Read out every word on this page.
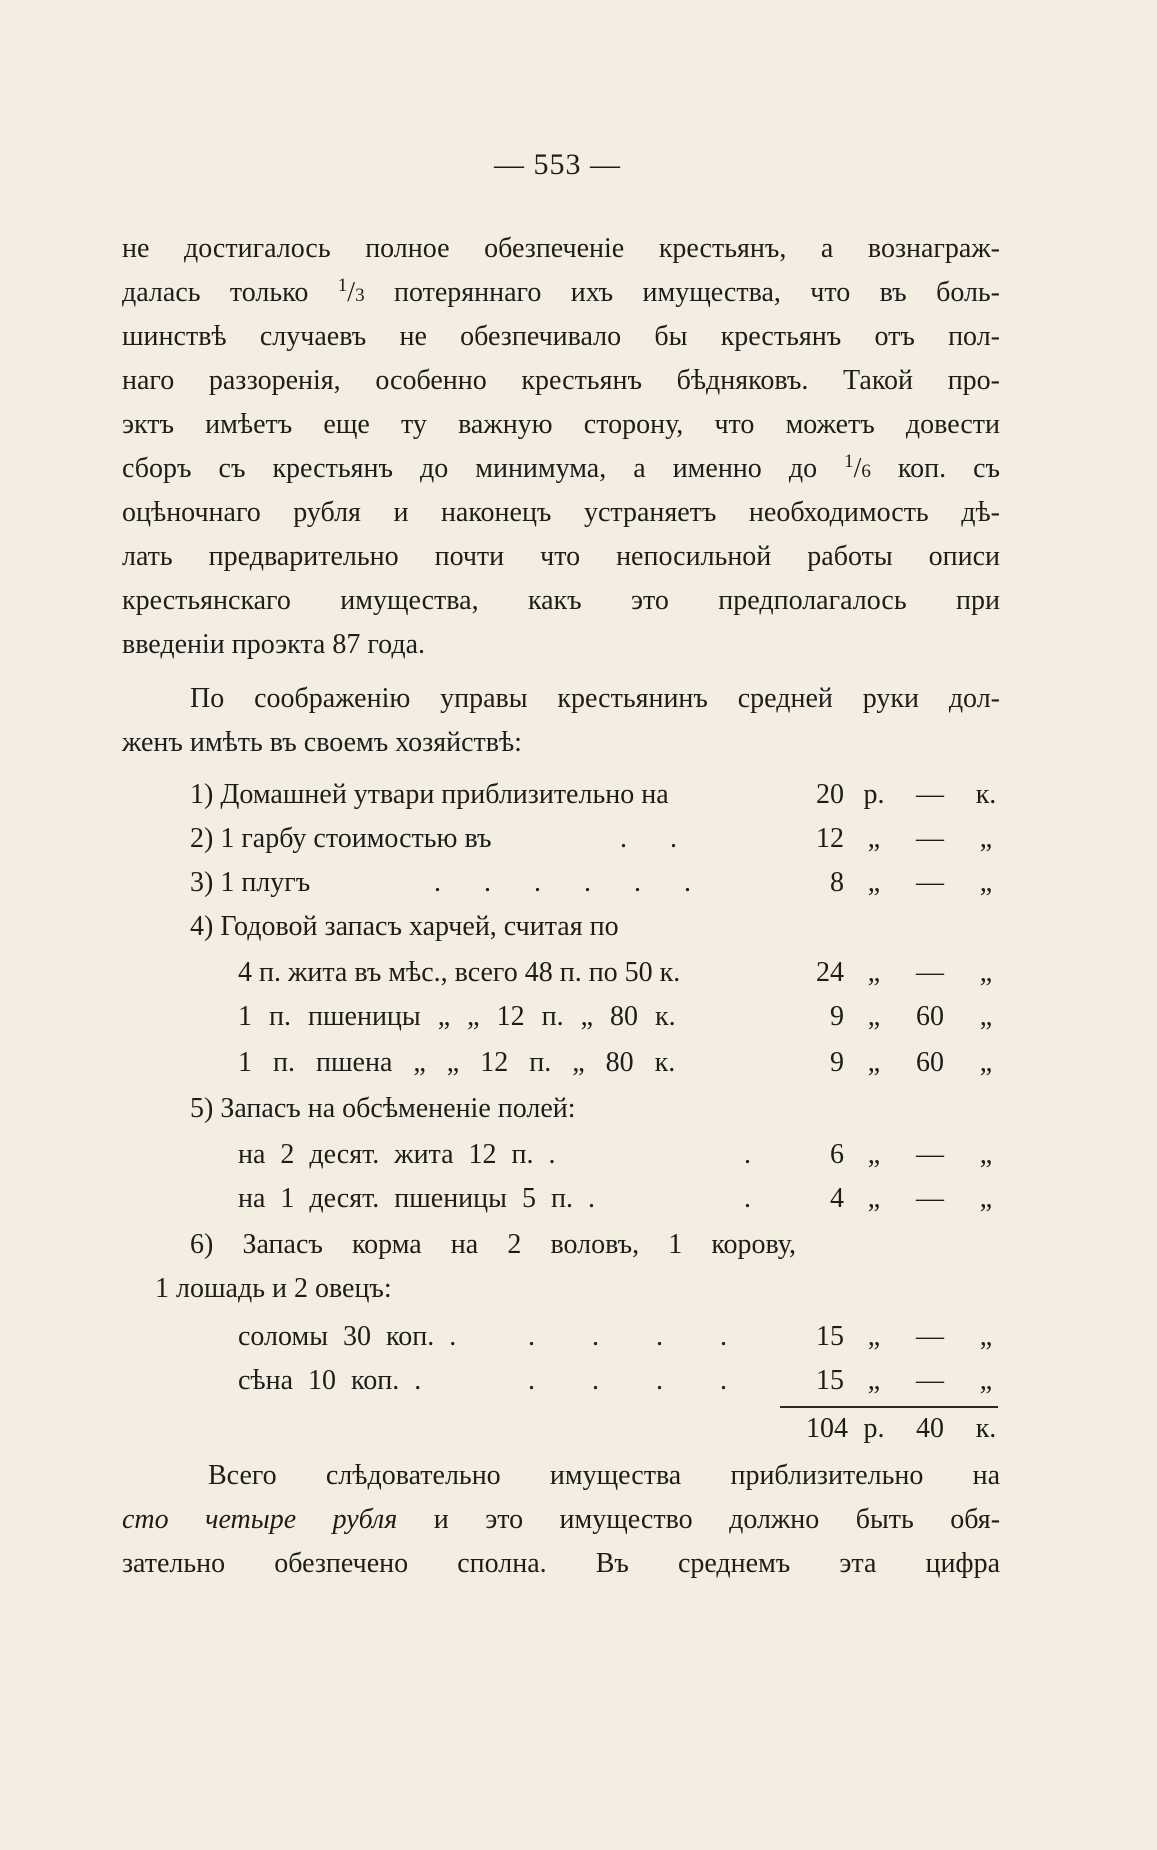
— 553 —
не достигалось полное обезпеченіе крестьянъ, а вознаграж-
далась только $^1$/3 потеряннаго ихъ имущества, что въ боль-
шинствѣ случаевъ не обезпечивало бы крестьянъ отъ пол-
наго раззоренія, особенно крестьянъ бѣдняковъ. Такой про-
эктъ имѣетъ еще ту важную сторону, что можетъ довести
сборъ съ крестьянъ до минимума, а именно до $^1$/6 коп. съ
оцѣночнаго рубля и наконецъ устраняетъ необходимость дѣ-
лать предварительно почти что непосильной работы описи
крестьянскаго имущества, какъ это предполагалось при
введеніи проэкта 87 года.
По соображенію управы крестьянинъ средней руки дол-
женъ имѣть въ своемъ хозяйствѣ:
1) Домашней утвари приблизительно на	20 р.	—	к.
2) 1 гарбу стоимостью въ	. .	12 „	—	„
3) 1 плугъ	. . . . . .	8 „	—	„
4) Годовой запасъ харчей, считая по
4 п. жита въ мѣс., всего 48 п. по 50 к.	24 „	—	„
1 п. пшеницы „ „ 12 п. „ 80 к.	9 „	60	„
1 п. пшена „ „ 12 п. „ 80 к.	9 „	60	„
5) Запасъ на обсѣмененіе полей:
на 2 десят. жита 12 п. .	.	6 „	—	„
на 1 десят. пшеницы 5 п. .	.	4 „	—	„
6) Запасъ корма на 2 воловъ, 1 корову,
1 лошадь и 2 овецъ:
соломы 30 коп. .	. . . .	15 „	—	„
сѣна 10 коп. .	. . . .	15 „	—	„
104 р.	40	к.
Всего слѣдовательно имущества приблизительно на
сто четыре рубля и это имущество должно быть обя-
зательно обезпечено сполна. Въ среднемъ эта цифра
